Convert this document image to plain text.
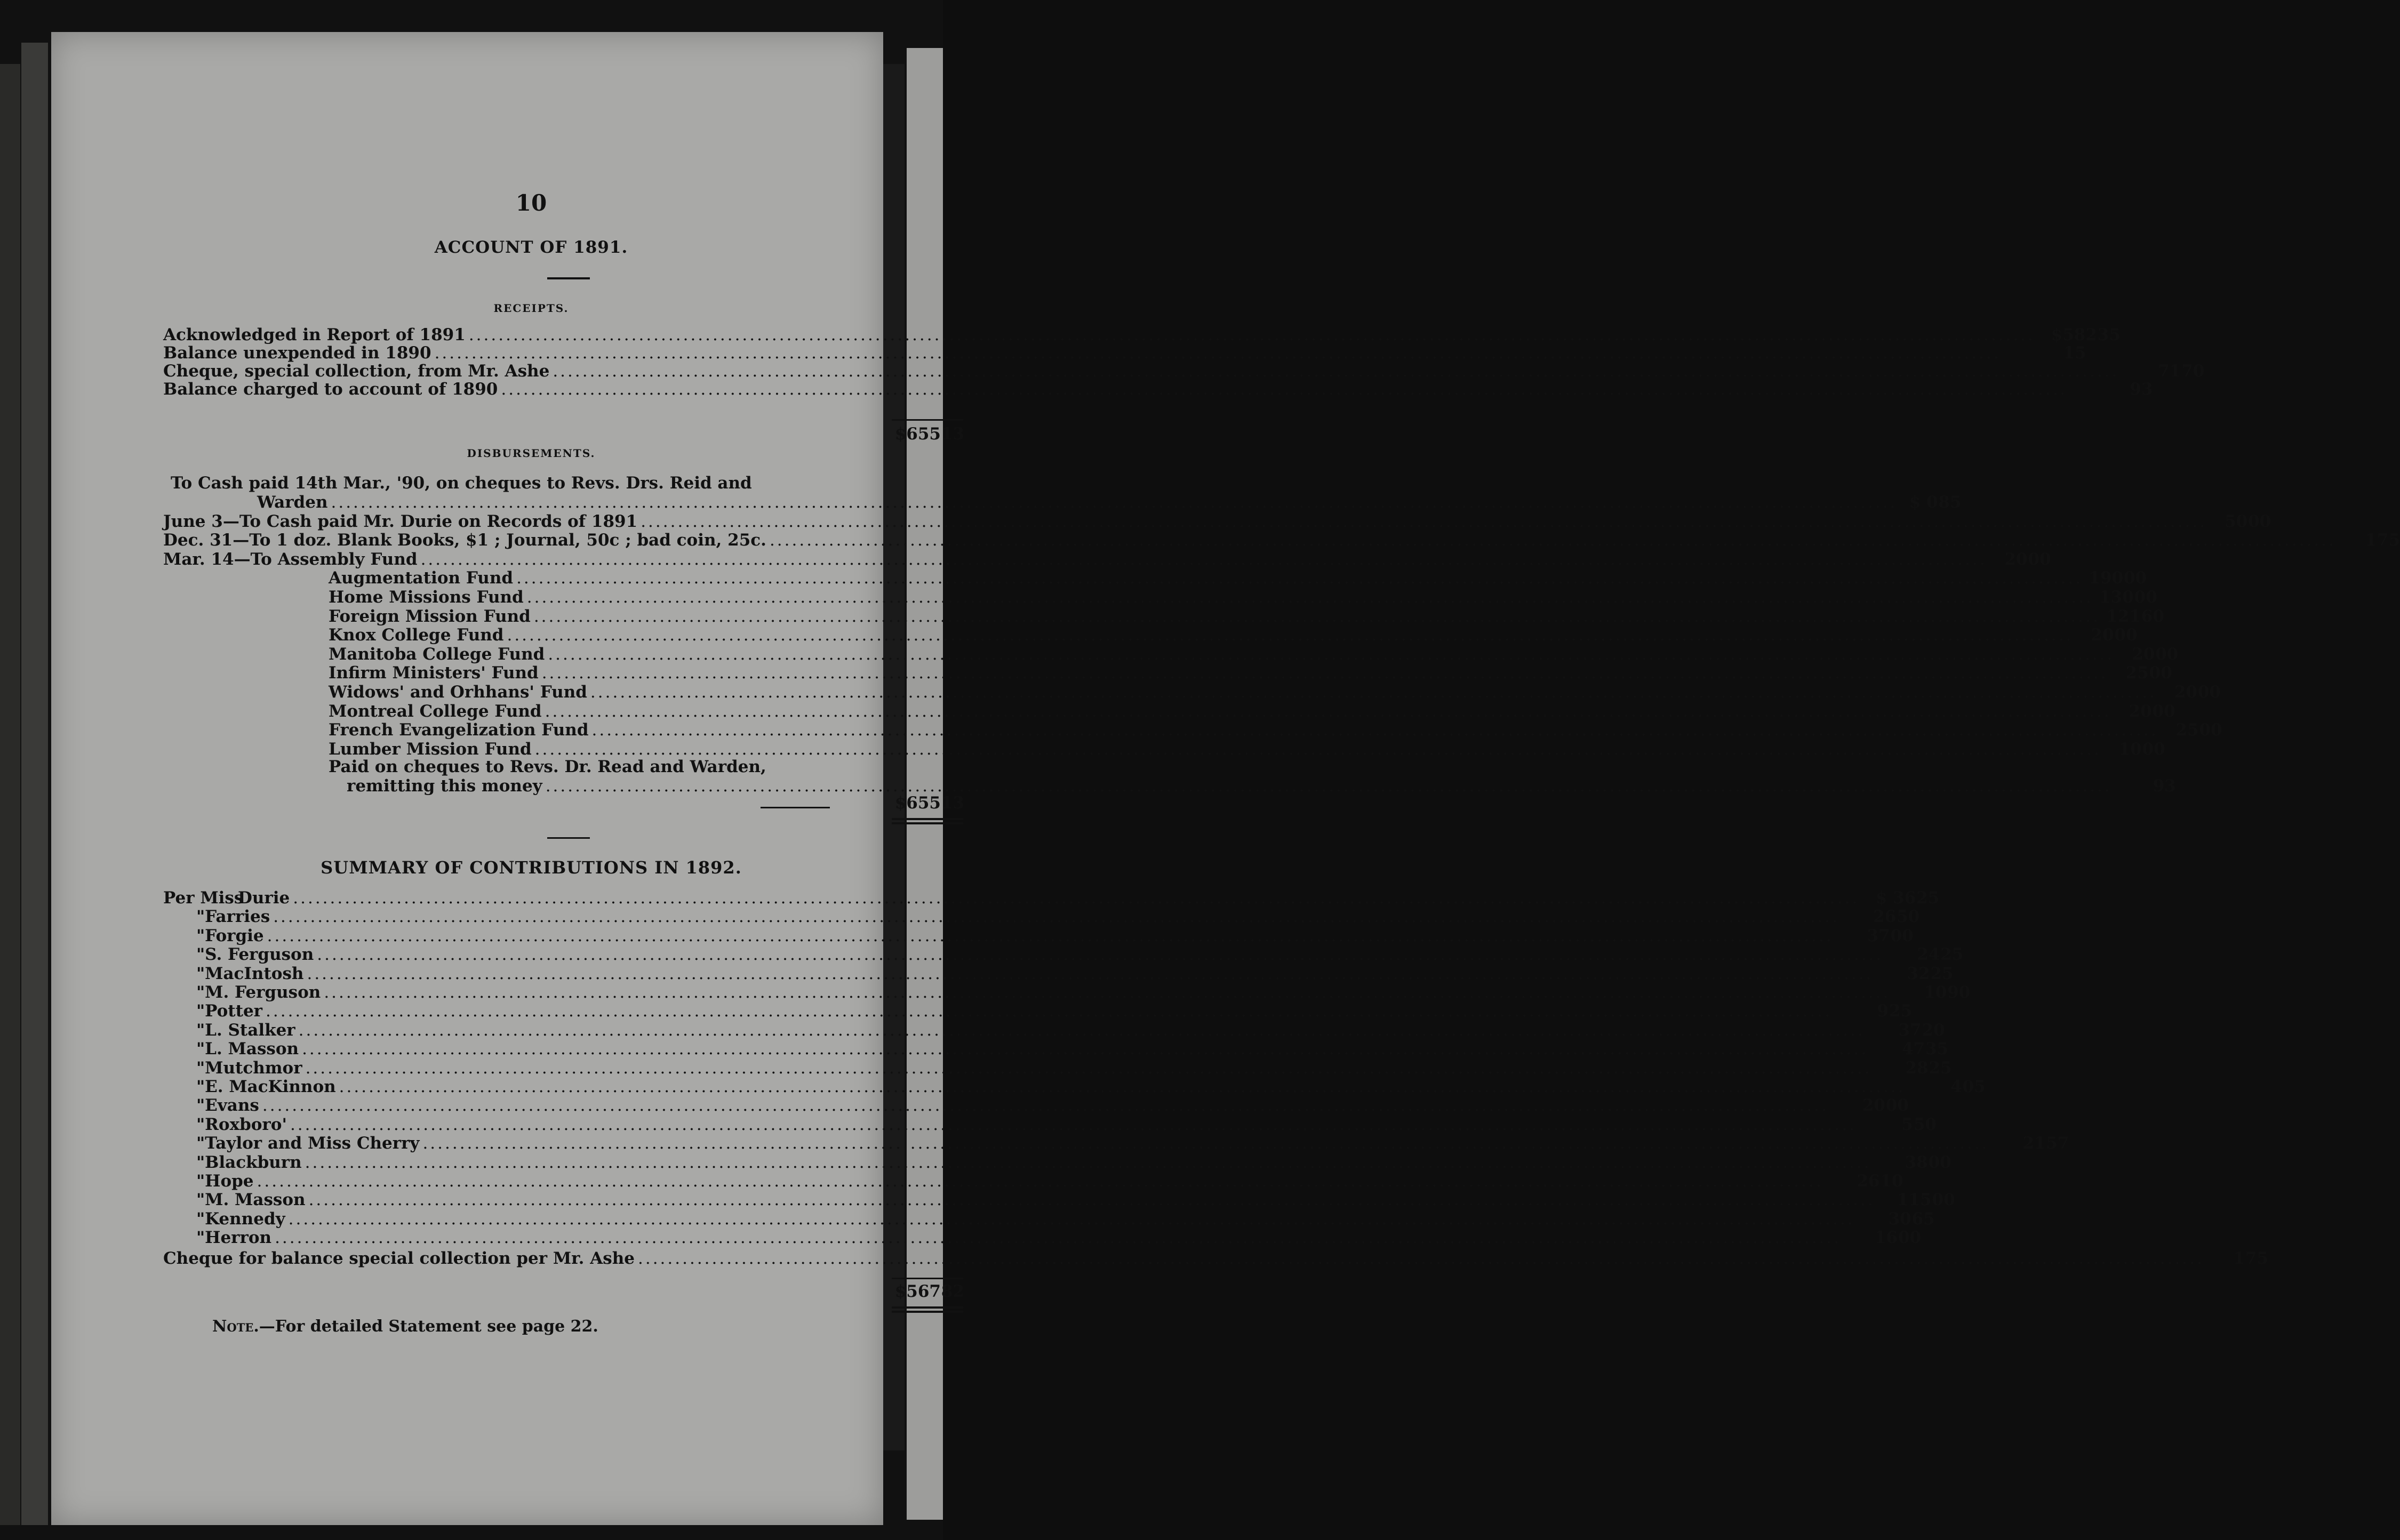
10
ACCOUNT OF 1891.
RECEIPTS.
Acknowledged in Report of 1891 .....	$58235
Balance unexpended in 1890 .....	15
Cheque, special collection, from Mr. Ashe .....	7170
Balance charged to account of 1890 .....	93
$65513
DISBURSEMENTS.
To Cash paid 14th Mar., '90, on cheques to Revs. Drs. Reid and
Warden .....	$ 085
June 3—To Cash paid Mr. Durie on Records of 1891 .....	5000
Dec. 31—To 1 doz. Blank Books, $1 ; Journal, 50c ; bad coin, 25c. .....	175
Mar. 14—To Assembly Fund .....	2000
Augmentation Fund .....	19000
Home Missions Fund .....	13000
Foreign Mission Fund .....	12160
Knox College Fund .....	2000
Manitoba College Fund .....	2000
Infirm Ministers' Fund .....	2500
Widows' and Orhhans' Fund .....	2000
Montreal College Fund .....	2000
French Evangelization Fund .....	2500
Lumber Mission Fund .....	1000
Paid on cheques to Revs. Dr. Read and Warden,
remitting this money .....	93
$65513
SUMMARY OF CONTRIBUTIONS IN 1892.
Per Miss
Durie .....	$ 3625
" Farries .....	2650
" Forgie .....	3700
" S. Ferguson .....	2425
" MacIntosh .....	3225
" M. Ferguson .....	1090
" Potter .....	925
" L. Stalker .....	3720
" L. Masson .....	4735
" Mutchmor .....	2825
" E. MacKinnon .....	405
" Evans .....	2000
" Roxboro' .....	550
" Taylor and Miss Cherry .....	2157
" Blackburn .....	3800
" Hope .....	2610
" M. Masson .....	11500
" Kennedy .....	3065
" Herron .....	1600
Cheque for balance special collection per Mr. Ashe .....	175
$56782
Note.—For detailed Statement see page 22.
